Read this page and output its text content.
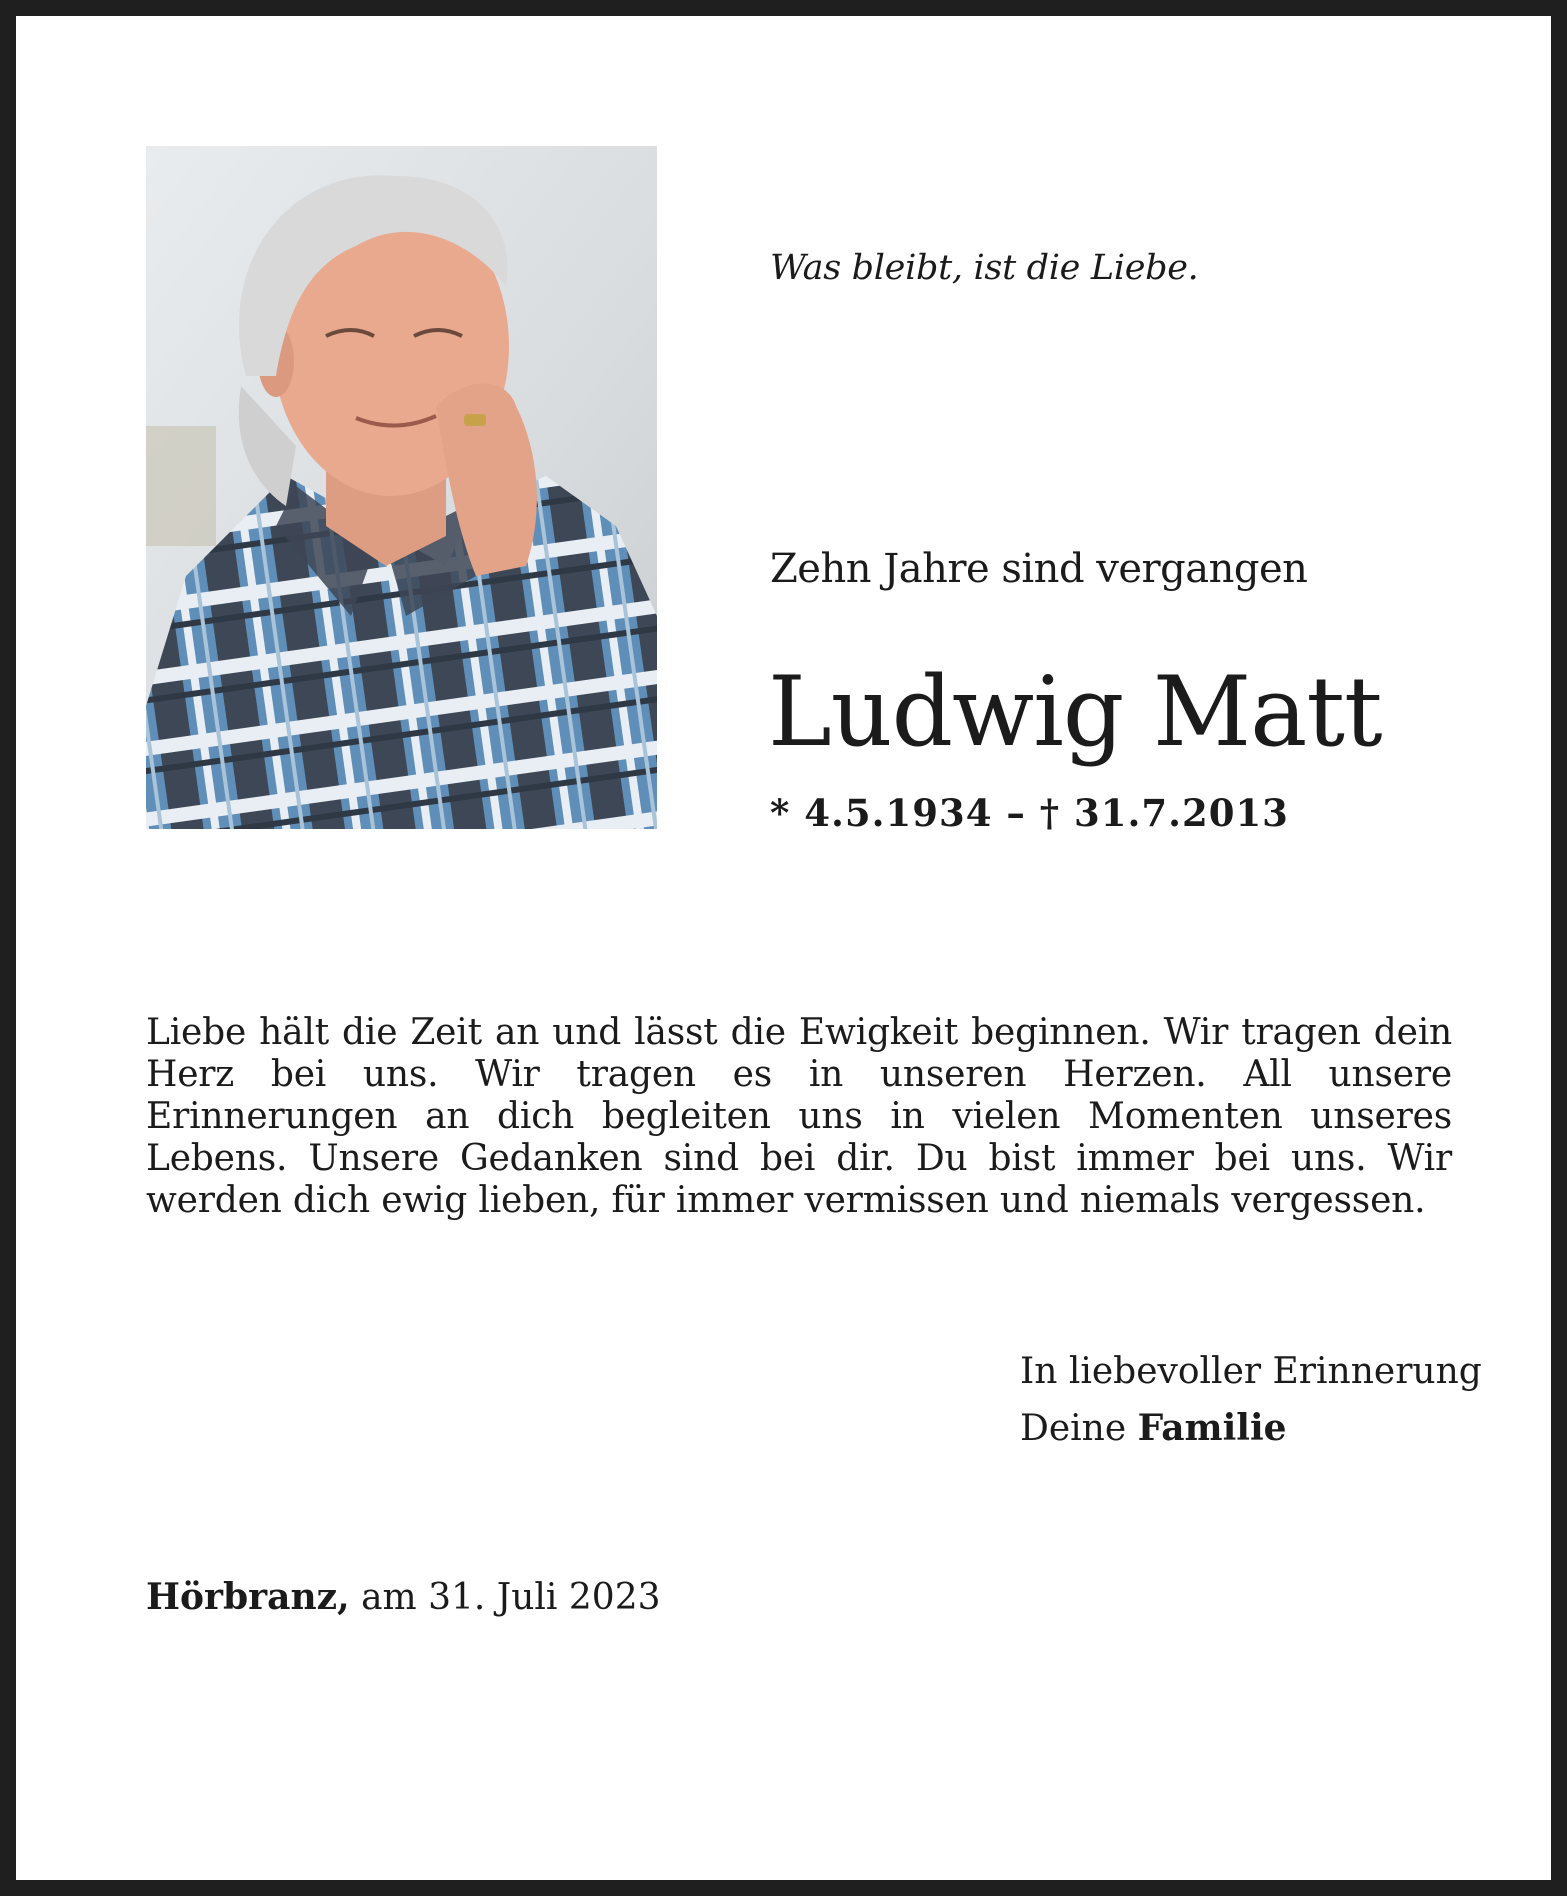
Was bleibt, ist die Liebe.

Zehn Jahre sind vergangen

Ludwig Matt

* 4.5.1934 – † 31.7.2013

Liebe hält die Zeit an und lässt die Ewigkeit beginnen. Wir tragen dein Herz bei uns. Wir tragen es in unseren Herzen. All unsere Erinnerungen an dich begleiten uns in vielen Momenten unseres Lebens. Unsere Gedanken sind bei dir. Du bist immer bei uns. Wir werden dich ewig lieben, für immer vermissen und niemals vergessen.

In liebevoller Erinnerung
Deine Familie

Hörbranz, am 31. Juli 2023
